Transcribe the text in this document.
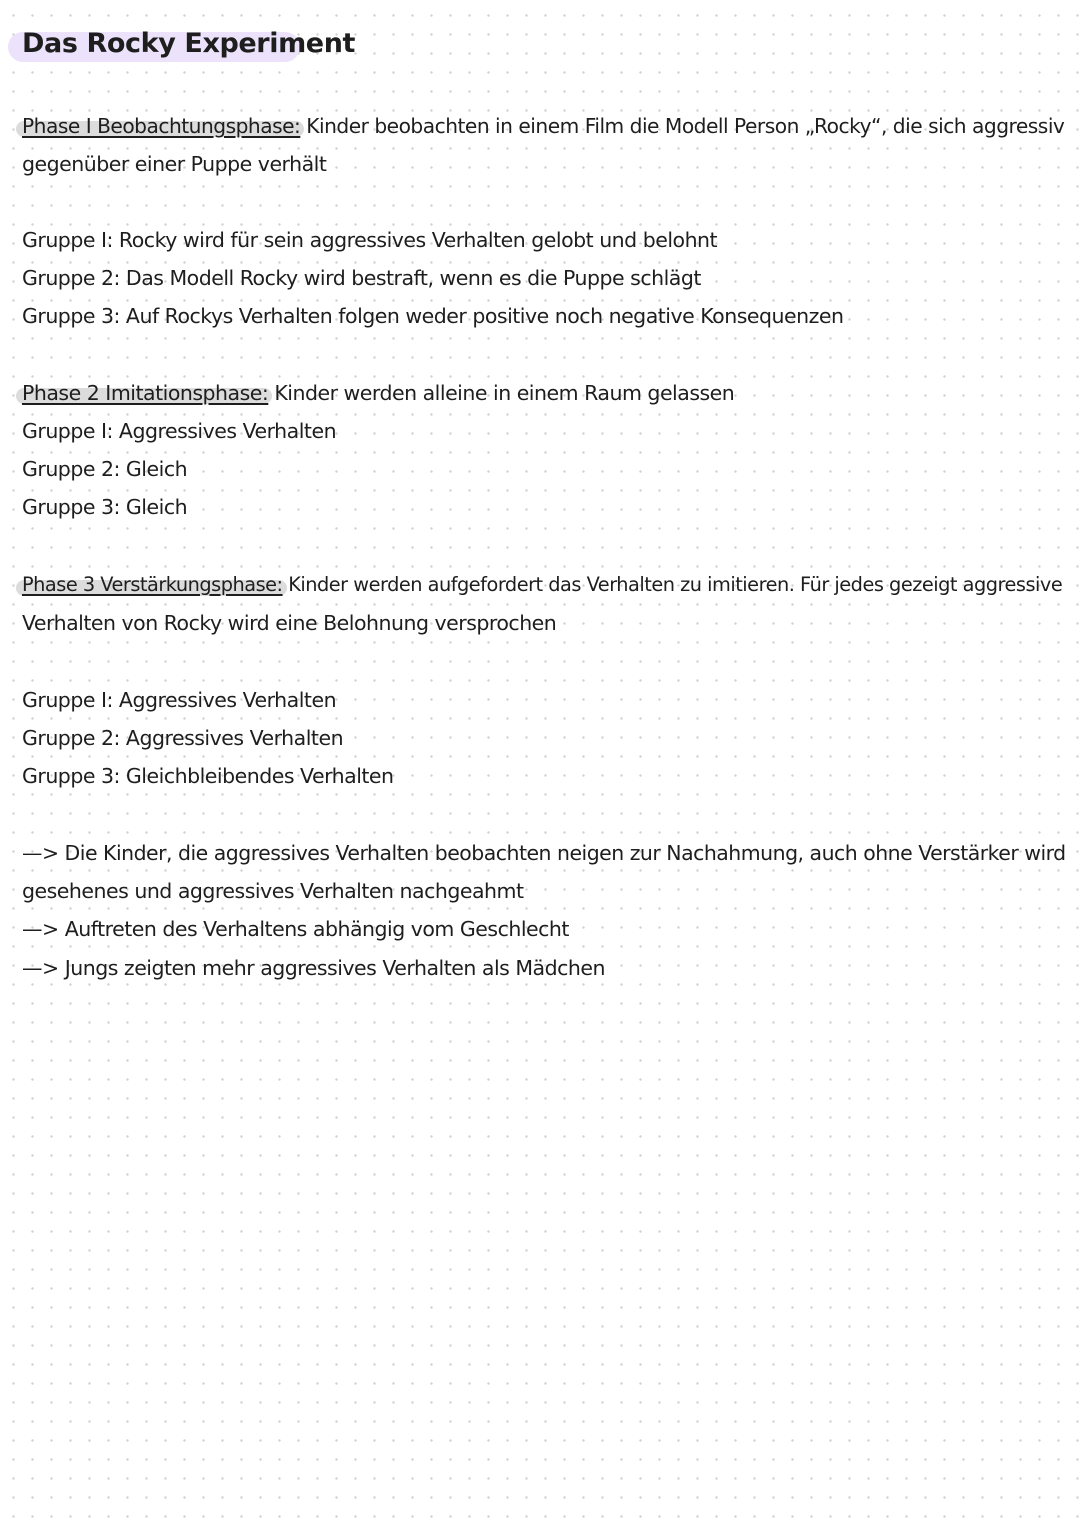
Das Rocky Experiment
Phase I Beobachtungsphase: Kinder beobachten in einem Film die Modell Person „Rocky“, die sich aggressiv
gegenüber einer Puppe verhält
Gruppe I: Rocky wird für sein aggressives Verhalten gelobt und belohnt
Gruppe 2: Das Modell Rocky wird bestraft, wenn es die Puppe schlägt
Gruppe 3: Auf Rockys Verhalten folgen weder positive noch negative Konsequenzen
Phase 2 Imitationsphase: Kinder werden alleine in einem Raum gelassen
Gruppe I: Aggressives Verhalten
Gruppe 2: Gleich
Gruppe 3: Gleich
Phase 3 Verstärkungsphase: Kinder werden aufgefordert das Verhalten zu imitieren. Für jedes gezeigt aggressive
Verhalten von Rocky wird eine Belohnung versprochen
Gruppe I: Aggressives Verhalten
Gruppe 2: Aggressives Verhalten
Gruppe 3: Gleichbleibendes Verhalten
—> Die Kinder, die aggressives Verhalten beobachten neigen zur Nachahmung, auch ohne Verstärker wird
gesehenes und aggressives Verhalten nachgeahmt
—> Auftreten des Verhaltens abhängig vom Geschlecht
—> Jungs zeigten mehr aggressives Verhalten als Mädchen
